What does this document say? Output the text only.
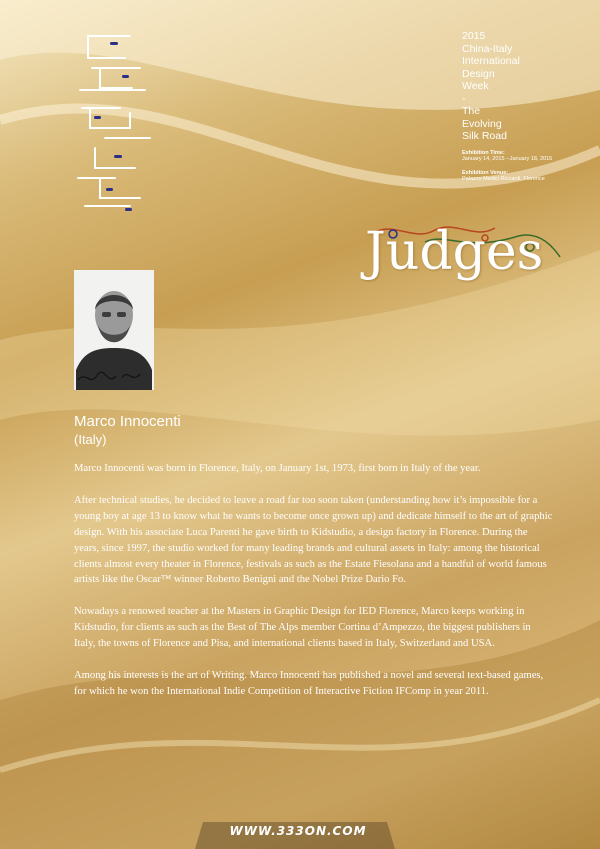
2015
China-Italy
International
Design
Week
-
The
Evolving
Silk Road
Exhibition Time:
January 14, 2015 --January 18, 2015
Exhibition Venue:
Palazzo Medici Riccardi, Florence
Judges
Marco Innocenti
(Italy)

Marco Innocenti was born in Florence, Italy, on January 1st, 1973, first born in Italy of the year.

After technical studies, he decided to leave a road far too soon taken (understanding how it’s impossible for a young boy at age 13 to know what he wants to become once grown up) and dedicate himself to the art of graphic design. With his associate Luca Parenti he gave birth to Kidstudio, a design factory in Florence. During the years, since 1997, the studio worked for many leading brands and cultural assets in Italy: among the historical clients almost every theater in Florence, festivals as such as the Estate Fiesolana and a handful of world famous artists like the Oscar™ winner Roberto Benigni and the Nobel Prize Dario Fo.

Nowadays a renowed teacher at the Masters in Graphic Design for IED Florence, Marco keeps working in Kidstudio, for clients as such as the Best of The Alps member Cortina d’Ampezzo, the biggest publishers in Italy, the towns of Florence and Pisa, and international clients based in Italy, Switzerland and USA.

Among his interests is the art of Writing. Marco Innocenti has published a novel and several text-based games, for which he won the International Indie Competition of Interactive Fiction IFComp in year 2011.

WWW.333ON.COM
